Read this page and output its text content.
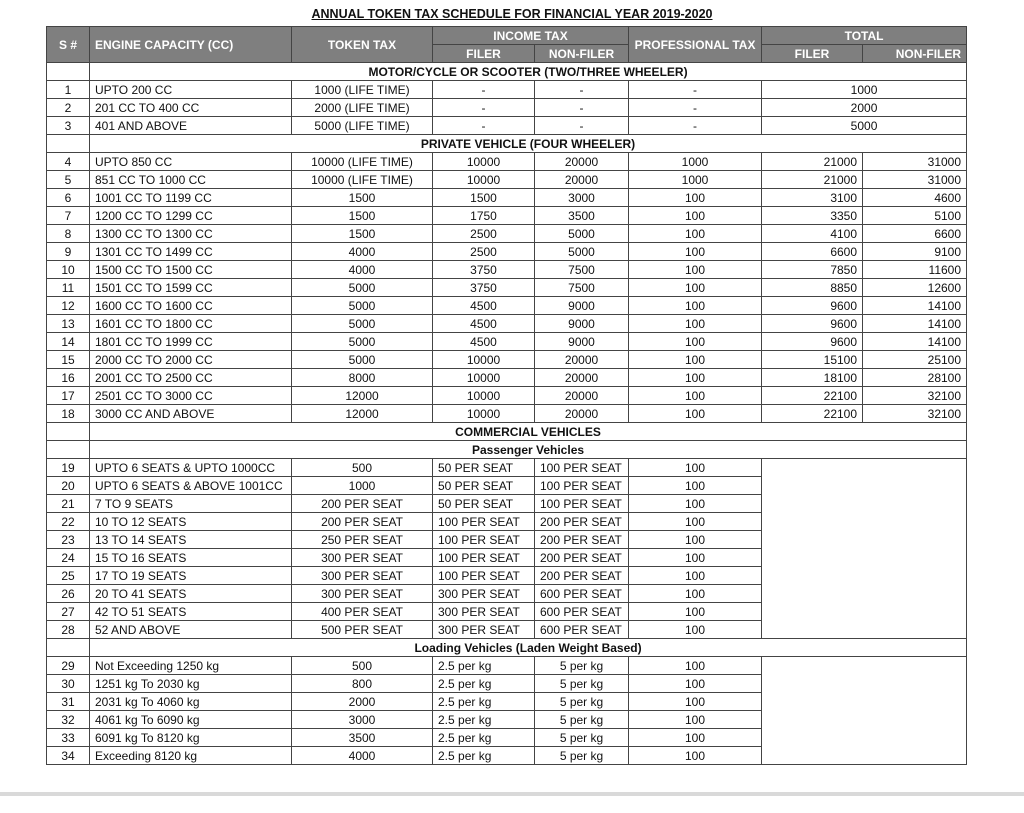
ANNUAL TOKEN TAX SCHEDULE FOR FINANCIAL YEAR 2019-2020
S #	ENGINE CAPACITY (CC)	TOKEN TAX	INCOME TAX		PROFESSIONAL TAX	TOTAL	
			FILER	NON-FILER		FILER	NON-FILER
	MOTOR/CYCLE OR SCOOTER (TWO/THREE WHEELER)						
1	UPTO 200 CC	1000 (LIFE TIME)	-	-	-	1000	
2	201 CC TO 400 CC	2000 (LIFE TIME)	-	-	-	2000	
3	401 AND ABOVE	5000 (LIFE TIME)	-	-	-	5000	
	PRIVATE VEHICLE (FOUR WHEELER)						
4	UPTO 850 CC	10000 (LIFE TIME)	10000	20000	1000	21000	31000
5	851 CC TO 1000 CC	10000 (LIFE TIME)	10000	20000	1000	21000	31000
6	1001 CC TO 1199 CC	1500	1500	3000	100	3100	4600
7	1200 CC TO 1299 CC	1500	1750	3500	100	3350	5100
8	1300 CC TO 1300 CC	1500	2500	5000	100	4100	6600
9	1301 CC TO 1499 CC	4000	2500	5000	100	6600	9100
10	1500 CC TO 1500 CC	4000	3750	7500	100	7850	11600
11	1501 CC TO 1599 CC	5000	3750	7500	100	8850	12600
12	1600 CC TO 1600 CC	5000	4500	9000	100	9600	14100
13	1601 CC TO 1800 CC	5000	4500	9000	100	9600	14100
14	1801 CC TO 1999 CC	5000	4500	9000	100	9600	14100
15	2000 CC TO 2000 CC	5000	10000	20000	100	15100	25100
16	2001 CC TO 2500 CC	8000	10000	20000	100	18100	28100
17	2501 CC TO 3000 CC	12000	10000	20000	100	22100	32100
18	3000 CC AND ABOVE	12000	10000	20000	100	22100	32100
	COMMERCIAL VEHICLES						
	Passenger Vehicles						
19	UPTO 6 SEATS & UPTO 1000CC	500	50 PER SEAT	100 PER SEAT	100		
20	UPTO 6 SEATS & ABOVE 1001CC	1000	50 PER SEAT	100 PER SEAT	100		
21	7 TO 9 SEATS	200 PER SEAT	50 PER SEAT	100 PER SEAT	100		
22	10 TO 12 SEATS	200 PER SEAT	100 PER SEAT	200 PER SEAT	100		
23	13 TO 14 SEATS	250 PER SEAT	100 PER SEAT	200 PER SEAT	100		
24	15 TO 16 SEATS	300 PER SEAT	100 PER SEAT	200 PER SEAT	100		
25	17 TO 19 SEATS	300 PER SEAT	100 PER SEAT	200 PER SEAT	100		
26	20 TO 41 SEATS	300 PER SEAT	300 PER SEAT	600 PER SEAT	100		
27	42 TO 51 SEATS	400 PER SEAT	300 PER SEAT	600 PER SEAT	100		
28	52 AND ABOVE	500 PER SEAT	300 PER SEAT	600 PER SEAT	100		
	Loading Vehicles (Laden Weight Based)						
29	Not Exceeding 1250 kg	500	2.5 per kg	5 per kg	100		
30	1251 kg To 2030 kg	800	2.5 per kg	5 per kg	100		
31	2031 kg To 4060 kg	2000	2.5 per kg	5 per kg	100		
32	4061 kg To 6090 kg	3000	2.5 per kg	5 per kg	100		
33	6091 kg To 8120 kg	3500	2.5 per kg	5 per kg	100		
34	Exceeding 8120 kg	4000	2.5 per kg	5 per kg	100		
